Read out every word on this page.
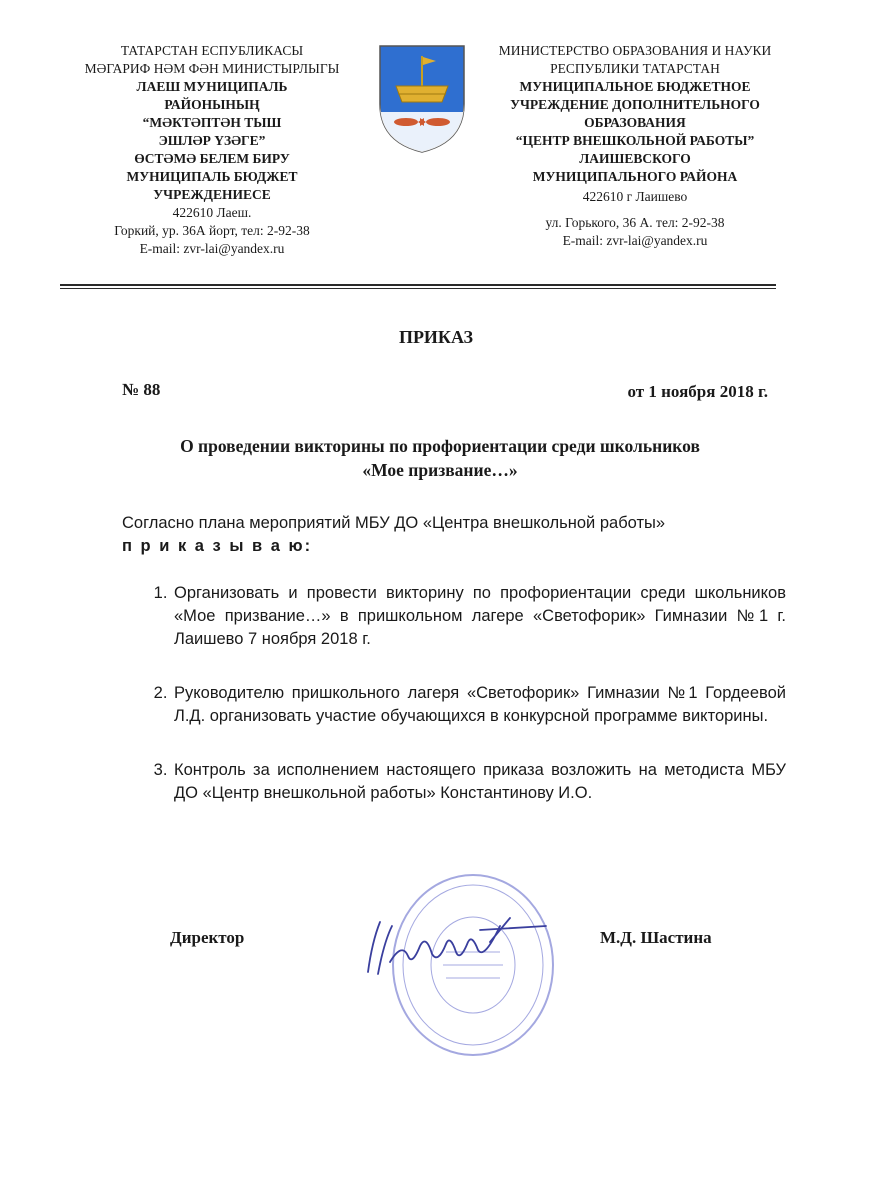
ТАТАРСТАН ЕСПУБЛИКАСЫ
МӘГАРИФ НӘМ ФӘН МИНИСТЫРЛЫГЫ
ЛАЕШ МУНИЦИПАЛЬ
РАЙОНЫНЫҢ
“МӘКТӘПТӘН ТЫШ
ЭШЛӘР ҮЗӘГЕ”
ӨСТӘМӘ БЕЛЕМ БИРУ
МУНИЦИПАЛЬ БЮДЖЕТ
УЧРЕЖДЕНИЕСЕ
422610 Лаеш.
Горкий, ур. 36А йорт, тел: 2-92-38
E-mail: zvr-lai@yandex.ru
МИНИСТЕРСТВО ОБРАЗОВАНИЯ И НАУКИ
РЕСПУБЛИКИ ТАТАРСТАН
МУНИЦИПАЛЬНОЕ БЮДЖЕТНОЕ
УЧРЕЖДЕНИЕ ДОПОЛНИТЕЛЬНОГО
ОБРАЗОВАНИЯ
“ЦЕНТР ВНЕШКОЛЬНОЙ РАБОТЫ”
ЛАИШЕВСКОГО
МУНИЦИПАЛЬНОГО РАЙОНА
422610 г Лаишево
ул. Горького, 36 А. тел: 2-92-38
E-mail: zvr-lai@yandex.ru
ПРИКАЗ
№ 88	от 1 ноября 2018 г.
О проведении викторины по профориентации среди школьников
«Мое призвание…»
Согласно плана мероприятий МБУ ДО «Центра внешкольной работы»
п р и к а з ы в а ю:
1. Организовать и провести викторину по профориентации среди школьников «Мое призвание…» в пришкольном лагере «Светофорик» Гимназии №1 г. Лаишево 7 ноября 2018 г.
2. Руководителю пришкольного лагеря «Светофорик» Гимназии №1 Гордеевой Л.Д. организовать участие обучающихся в конкурсной программе викторины.
3. Контроль за исполнением настоящего приказа возложить на методиста МБУ ДО «Центр внешкольной работы» Константинову И.О.
Директор	М.Д. Шастина
